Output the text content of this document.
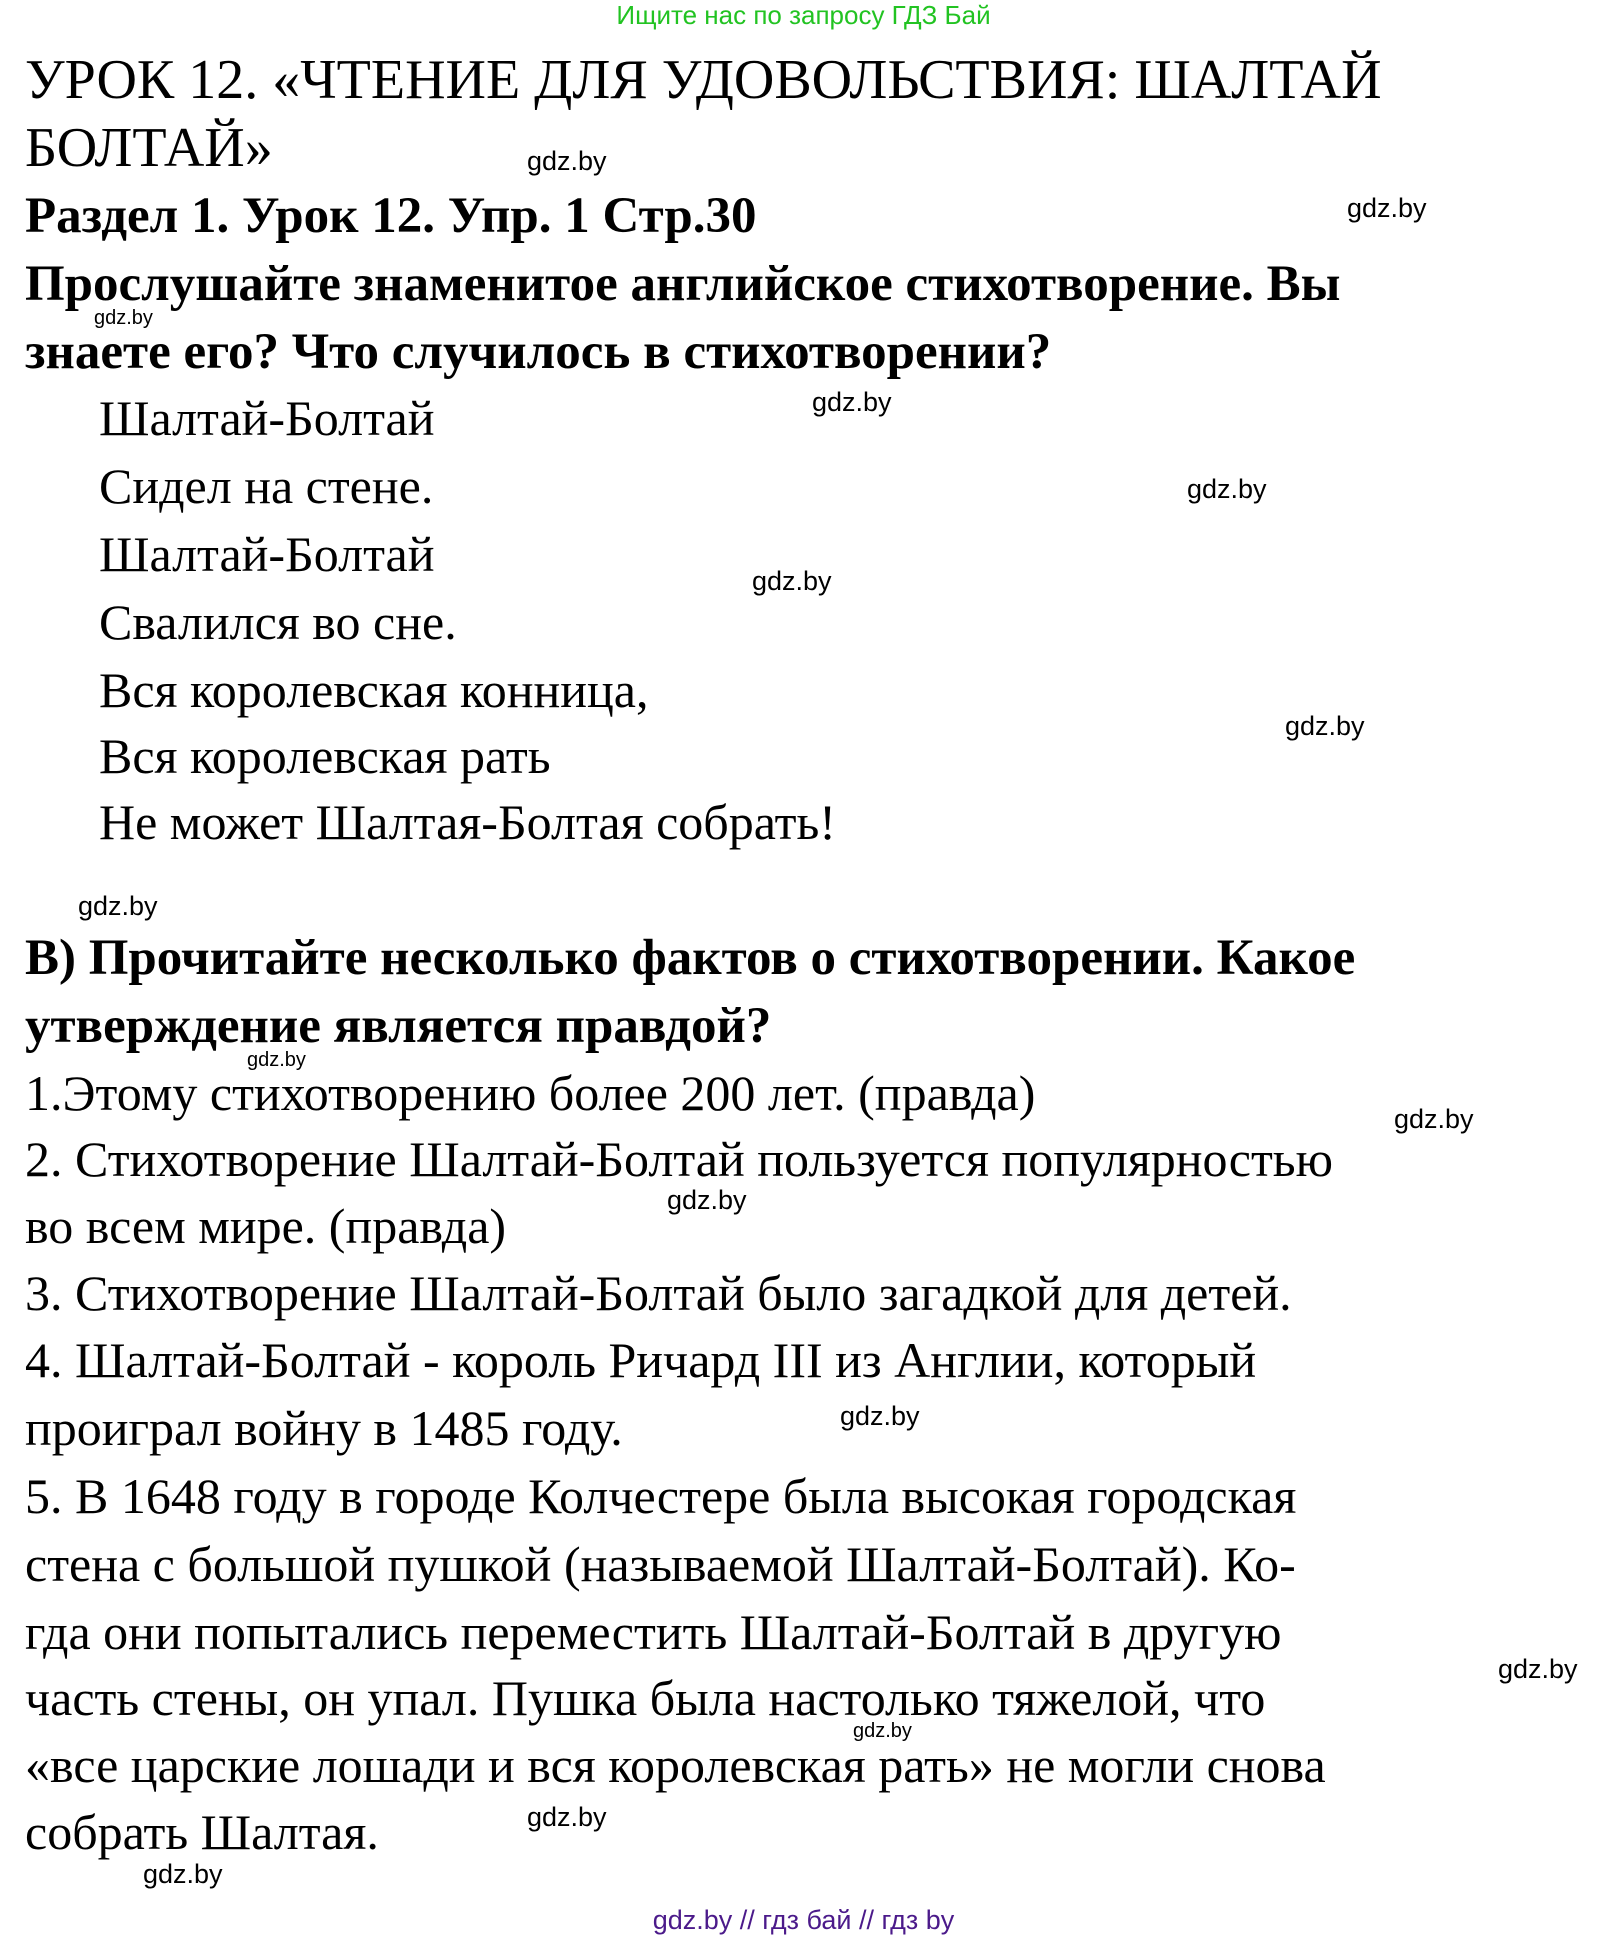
Ищите нас по запросу ГДЗ Бай
УРОК 12. «ЧТЕНИЕ ДЛЯ УДОВОЛЬСТВИЯ: ШАЛТАЙ
БОЛТАЙ»
Раздел 1. Урок 12. Упр. 1 Стр.30
Прослушайте знаменитое английское стихотворение. Вы
знаете его? Что случилось в стихотворении?
Шалтай-Болтай
Сидел на стене.
Шалтай-Болтай
Свалился во сне.
Вся королевская конница,
Вся королевская рать
Не может Шалтая-Болтая собрать!
В) Прочитайте несколько фактов о стихотворении. Какое
утверждение является правдой?
1.Этому стихотворению более 200 лет. (правда)
2. Стихотворение Шалтай-Болтай пользуется популярностью
во всем мире. (правда)
3. Стихотворение Шалтай-Болтай было загадкой для детей.
4. Шалтай-Болтай - король Ричард III из Англии, который
проиграл войну в 1485 году.
5. В 1648 году в городе Колчестере была высокая городская
стена с большой пушкой (называемой Шалтай-Болтай). Ко-
гда они попытались переместить Шалтай-Болтай в другую
часть стены, он упал. Пушка была настолько тяжелой, что
«все царские лошади и вся королевская рать» не могли снова
собрать Шалтая.
gdz.by
gdz.by
gdz.by
gdz.by
gdz.by
gdz.by
gdz.by
gdz.by
gdz.by
gdz.by
gdz.by
gdz.by
gdz.by
gdz.by
gdz.by
gdz.by
gdz.by // гдз бай // гдз by
